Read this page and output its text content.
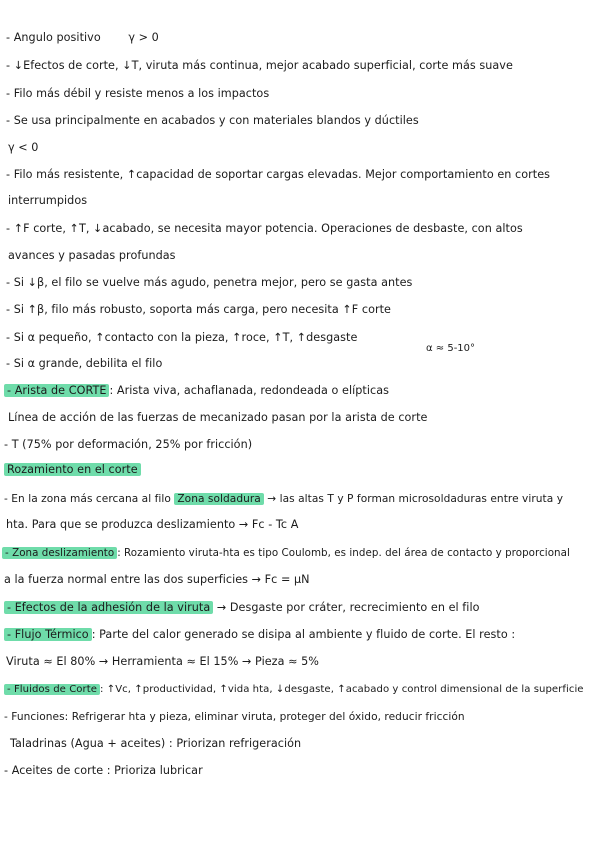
- Angulo positivo γ > 0
- ↓Efectos de corte, ↓T, viruta más continua, mejor acabado superficial, corte más suave
- Filo más débil y resiste menos a los impactos
- Se usa principalmente en acabados y con materiales blandos y dúctiles
γ < 0
- Filo más resistente, ↑capacidad de soportar cargas elevadas. Mejor comportamiento en cortes
interrumpidos
- ↑F corte, ↑T, ↓acabado, se necesita mayor potencia. Operaciones de desbaste, con altos
avances y pasadas profundas
- Si ↓β, el filo se vuelve más agudo, penetra mejor, pero se gasta antes
- Si ↑β, filo más robusto, soporta más carga, pero necesita ↑F corte
- Si α pequeño, ↑contacto con la pieza, ↑roce, ↑T, ↑desgaste
α ≈ 5-10°
- Si α grande, debilita el filo
- Arista de CORTE : Arista viva, achaflanada, redondeada o elípticas
Línea de acción de las fuerzas de mecanizado pasan por la arista de corte
- T (75% por deformación, 25% por fricción)
Rozamiento en el corte
- En la zona más cercana al filo Zona soldadura → las altas T y P forman microsoldaduras entre viruta y
hta. Para que se produzca deslizamiento → Fc - Tc A
- Zona deslizamiento : Rozamiento viruta-hta es tipo Coulomb, es indep. del área de contacto y proporcional
a la fuerza normal entre las dos superficies → Fc = μN
- Efectos de la adhesión de la viruta → Desgaste por cráter, recrecimiento en el filo
- Flujo Térmico : Parte del calor generado se disipa al ambiente y fluido de corte. El resto :
Viruta ≈ El 80% → Herramienta ≈ El 15% → Pieza ≈ 5%
- Fluidos de Corte : ↑Vc, ↑productividad, ↑vida hta, ↓desgaste, ↑acabado y control dimensional de la superficie
- Funciones: Refrigerar hta y pieza, eliminar viruta, proteger del óxido, reducir fricción
Taladrinas (Agua + aceites) : Priorizan refrigeración
- Aceites de corte : Prioriza lubricar
